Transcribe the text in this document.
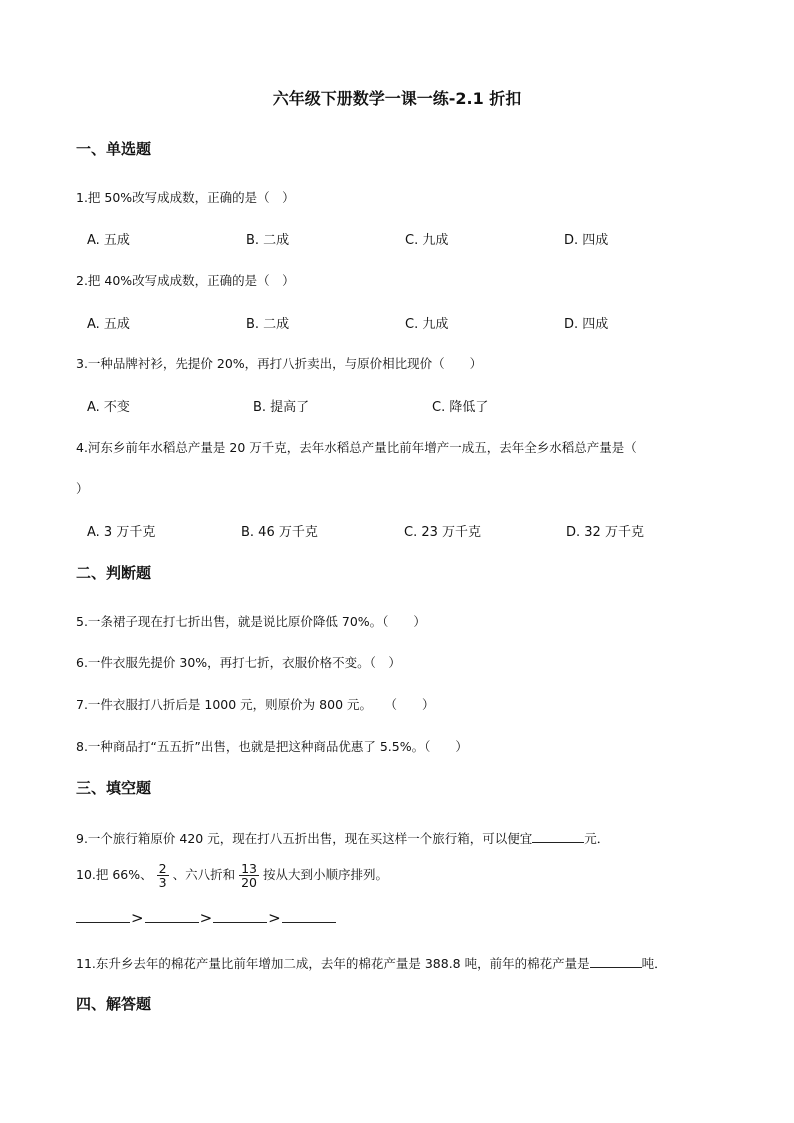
六年级下册数学一课一练-2.1 折扣
一、单选题
1.把 50%改写成成数，正确的是（　）
A. 五成	B. 二成	C. 九成	D. 四成
2.把 40%改写成成数，正确的是（　）
A. 五成	B. 二成	C. 九成	D. 四成
3.一种品牌衬衫，先提价 20%，再打八折卖出，与原价相比现价（　　）
A. 不变	B. 提高了	C. 降低了
4.河东乡前年水稻总产量是 20 万千克，去年水稻总产量比前年增产一成五，去年全乡水稻总产量是（
）
A. 3 万千克	B. 46 万千克	C. 23 万千克	D. 32 万千克
二、判断题
5.一条裙子现在打七折出售，就是说比原价降低 70%。（　　）
6.一件衣服先提价 30%，再打七折，衣服价格不变。（　）
7.一件衣服打八折后是 1000 元，则原价为 800 元。　　（　　）
8.一种商品打“五五折”出售，也就是把这种商品优惠了 5.5%。（　　）
三、填空题
9.一个旅行箱原价 420 元，现在打八五折出售，现在买这样一个旅行箱，可以便宜	元．
10.把 66%、 $\frac{2}{3}$ 、六八折和 $\frac{13}{20}$ 按从大到小顺序排列。
>	>	>
11.东升乡去年的棉花产量比前年增加二成，去年的棉花产量是 388.8 吨，前年的棉花产量是	吨．
四、解答题
